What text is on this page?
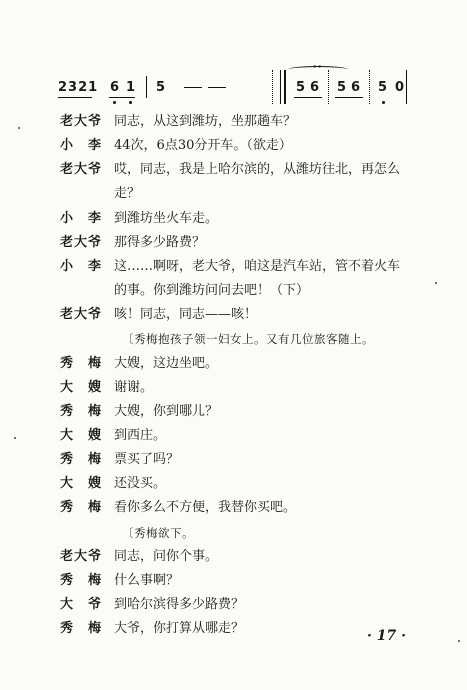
2321 6 1 5
∘∘
5 6 5 6 5 0
老大爷 同志，从这到潍坊，坐那趟车？
小　李 44次，6点30分开车。（欲走）
老大爷 哎，同志，我是上哈尔滨的，从潍坊往北，再怎么
走？
小　李 到潍坊坐火车走。
老大爷 那得多少路费？
小　李 这……啊呀，老大爷，咱这是汽车站，管不着火车
的事。你到潍坊问问去吧！（下）
老大爷 咳！同志，同志——咳！
〔秀梅抱孩子领一妇女上。又有几位旅客随上。
秀　梅 大嫂，这边坐吧。
大　嫂 谢谢。
秀　梅 大嫂，你到哪儿？
大　嫂 到西庄。
秀　梅 票买了吗？
大　嫂 还没买。
秀　梅 看你多么不方便，我替你买吧。
〔秀梅欲下。
老大爷 同志，问你个事。
秀　梅 什么事啊？
大　爷 到哈尔滨得多少路费？
秀　梅 大爷，你打算从哪走？	· 17 ·
